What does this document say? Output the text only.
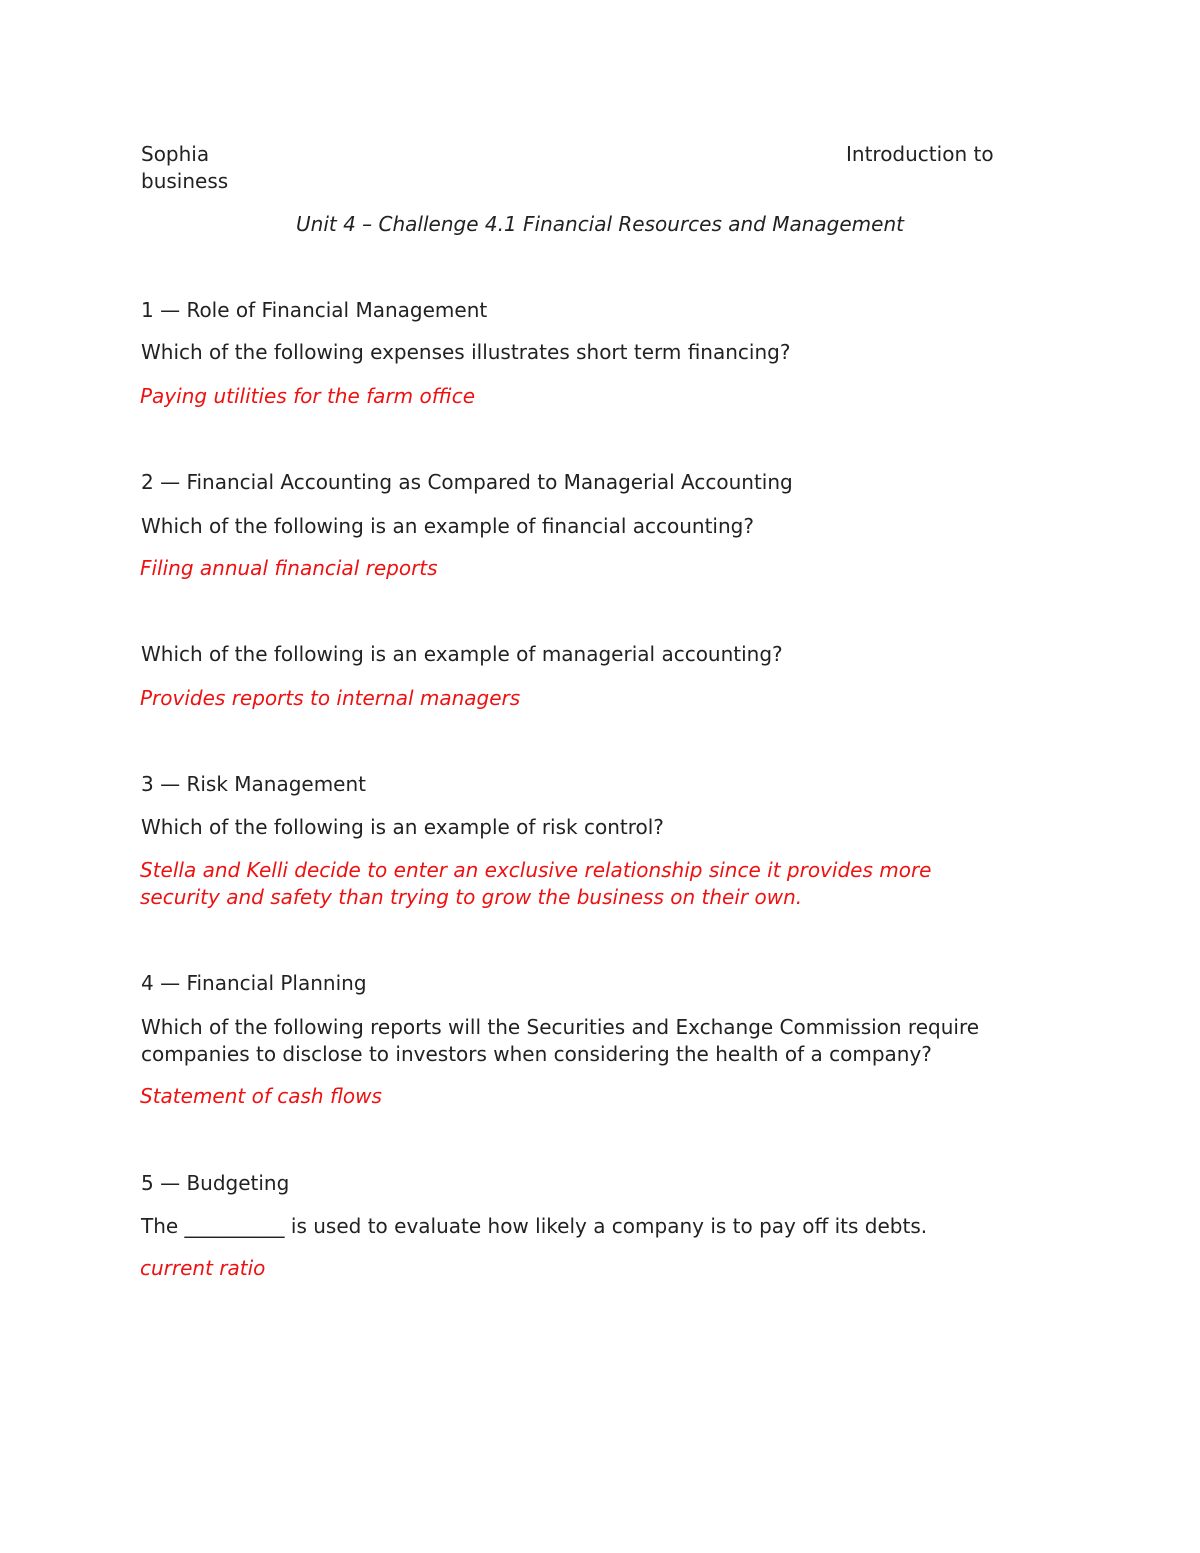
Sophia	Introduction to
business
Unit 4 – Challenge 4.1 Financial Resources and Management
1 — Role of Financial Management
Which of the following expenses illustrates short term financing?
Paying utilities for the farm office
2 — Financial Accounting as Compared to Managerial Accounting
Which of the following is an example of financial accounting?
Filing annual financial reports
Which of the following is an example of managerial accounting?
Provides reports to internal managers
3 — Risk Management
Which of the following is an example of risk control?
Stella and Kelli decide to enter an exclusive relationship since it provides more
security and safety than trying to grow the business on their own.
4 — Financial Planning
Which of the following reports will the Securities and Exchange Commission require
companies to disclose to investors when considering the health of a company?
Statement of cash flows
5 — Budgeting
The __________ is used to evaluate how likely a company is to pay off its debts.
current ratio
